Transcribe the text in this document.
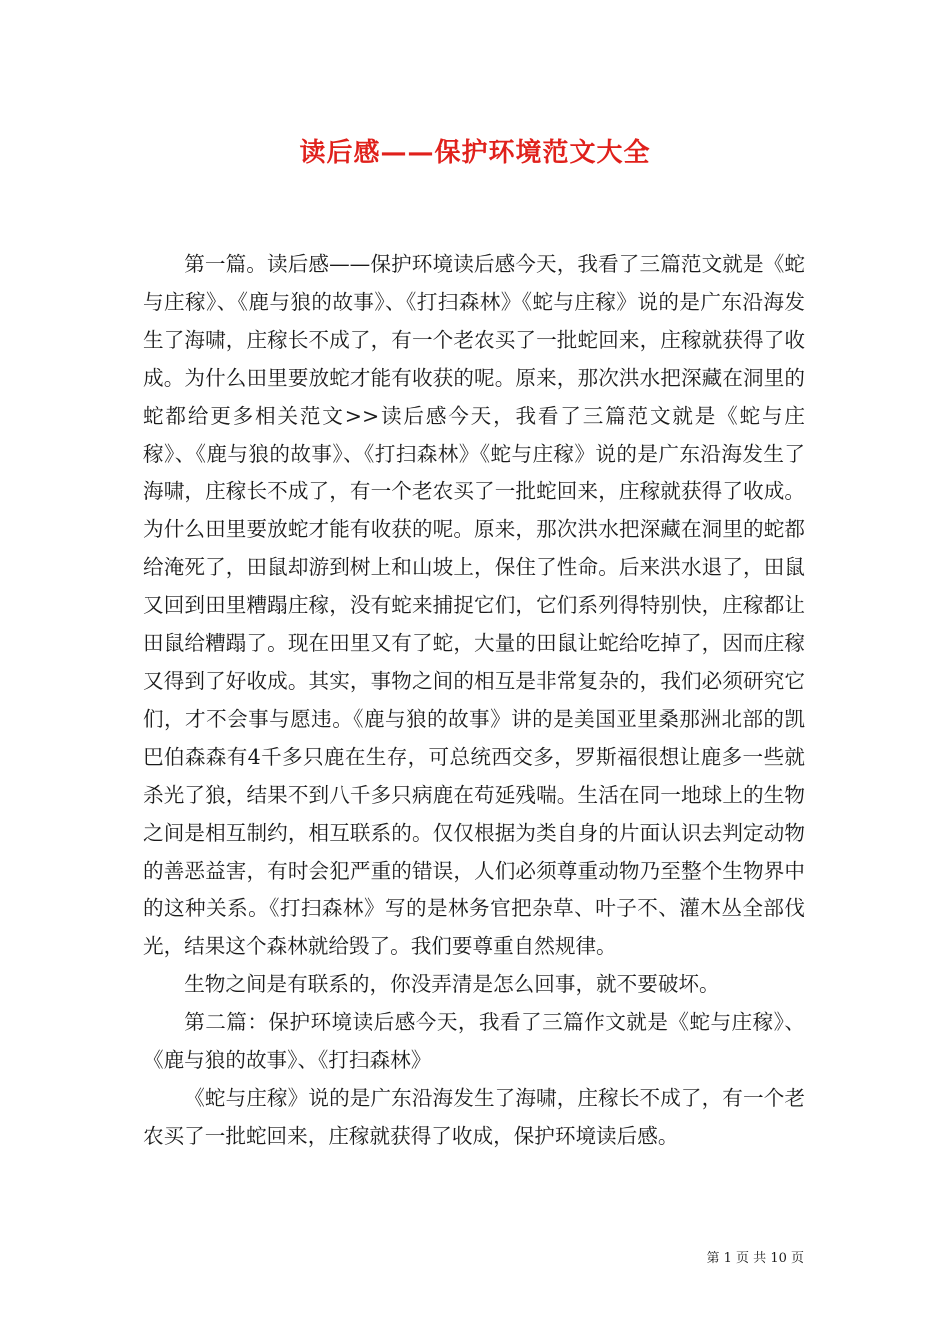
读后感——保护环境范文大全

第一篇。读后感——保护环境读后感今天，我看了三篇范文就是《蛇与庄稼》、《鹿与狼的故事》、《打扫森林》《蛇与庄稼》说的是广东沿海发生了海啸，庄稼长不成了，有一个老农买了一批蛇回来，庄稼就获得了收成。为什么田里要放蛇才能有收获的呢。原来，那次洪水把深藏在洞里的蛇都给更多相关范文>>读后感今天，我看了三篇范文就是《蛇与庄稼》、《鹿与狼的故事》、《打扫森林》《蛇与庄稼》说的是广东沿海发生了海啸，庄稼长不成了，有一个老农买了一批蛇回来，庄稼就获得了收成。为什么田里要放蛇才能有收获的呢。原来，那次洪水把深藏在洞里的蛇都给淹死了，田鼠却游到树上和山坡上，保住了性命。后来洪水退了，田鼠又回到田里糟蹋庄稼，没有蛇来捕捉它们，它们系列得特别快，庄稼都让田鼠给糟蹋了。现在田里又有了蛇，大量的田鼠让蛇给吃掉了，因而庄稼又得到了好收成。其实，事物之间的相互是非常复杂的，我们必须研究它们，才不会事与愿违。《鹿与狼的故事》讲的是美国亚里桑那洲北部的凯巴伯森森有4千多只鹿在生存，可总统西交多，罗斯福很想让鹿多一些就杀光了狼，结果不到八千多只病鹿在苟延残喘。生活在同一地球上的生物之间是相互制约，相互联系的。仅仅根据为类自身的片面认识去判定动物的善恶益害，有时会犯严重的错误，人们必须尊重动物乃至整个生物界中的这种关系。《打扫森林》写的是林务官把杂草、叶子不、灌木丛全部伐光，结果这个森林就给毁了。我们要尊重自然规律。

生物之间是有联系的，你没弄清是怎么回事，就不要破坏。

第二篇：保护环境读后感今天，我看了三篇作文就是《蛇与庄稼》、《鹿与狼的故事》、《打扫森林》

《蛇与庄稼》说的是广东沿海发生了海啸，庄稼长不成了，有一个老农买了一批蛇回来，庄稼就获得了收成，保护环境读后感。

第 1 页 共 10 页
